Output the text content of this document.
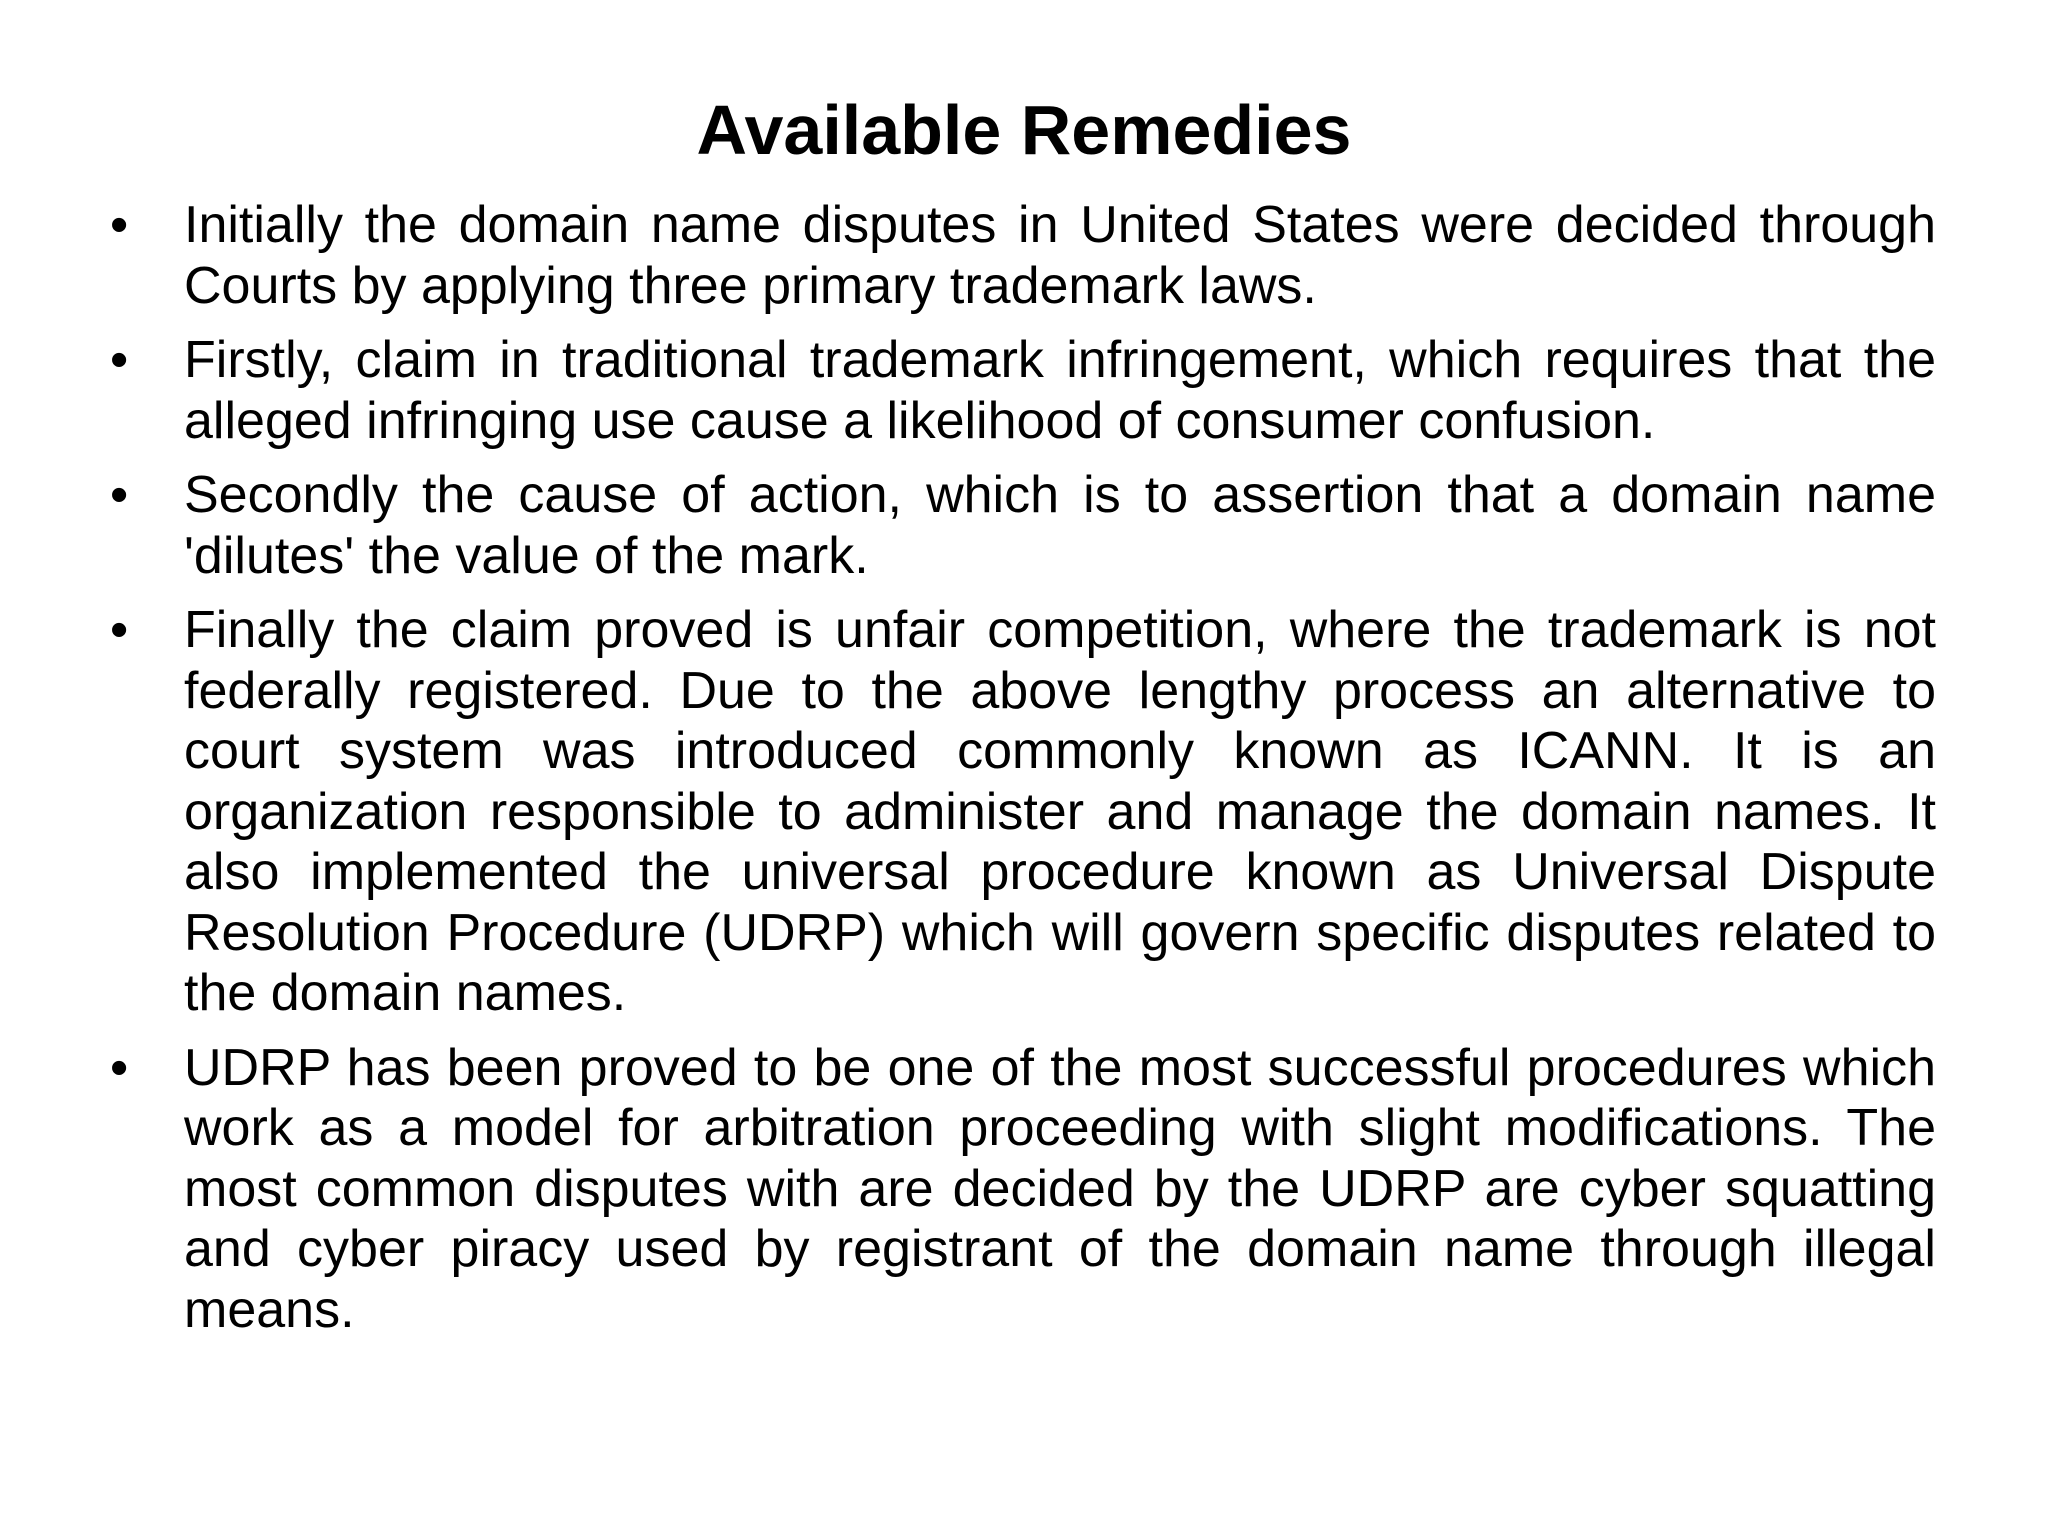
Available Remedies
• Initially the domain name disputes in United States were decided through Courts by applying three primary trademark laws.
• Firstly, claim in traditional trademark infringement, which requires that the alleged infringing use cause a likelihood of consumer confusion.
• Secondly the cause of action, which is to assertion that a domain name 'dilutes' the value of the mark.
• Finally the claim proved is unfair competition, where the trademark is not federally registered. Due to the above lengthy process an alternative to court system was introduced commonly known as ICANN. It is an organization responsible to administer and manage the domain names. It also implemented the universal procedure known as Universal Dispute Resolution Procedure (UDRP) which will govern specific disputes related to the domain names.
• UDRP has been proved to be one of the most successful procedures which work as a model for arbitration proceeding with slight modifications. The most common disputes with are decided by the UDRP are cyber squatting and cyber piracy used by registrant of the domain name through illegal means.
